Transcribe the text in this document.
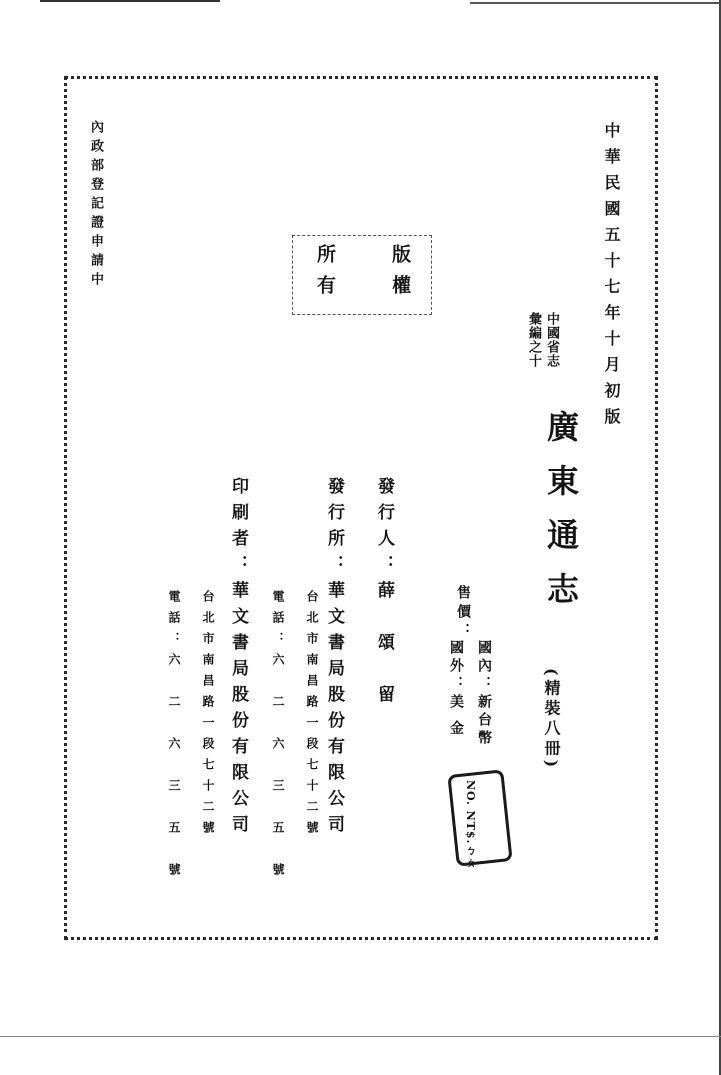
內政部登記證申請中	版權
所有	中華民國五十七年十月初版
中國省志
彙編之十
廣東通志
(精裝八冊)
售價：
國內：新台幣
國外：美 金
NO. NT$.ㄅㄆ
發行人：薛　頌　留
發行所：華文書局股份有限公司
台北市南昌路一段七十二號
電話：六　二　六　三　五　號
印刷者：華文書局股份有限公司
台北市南昌路一段七十二號
電話：六　二　六　三　五　號
